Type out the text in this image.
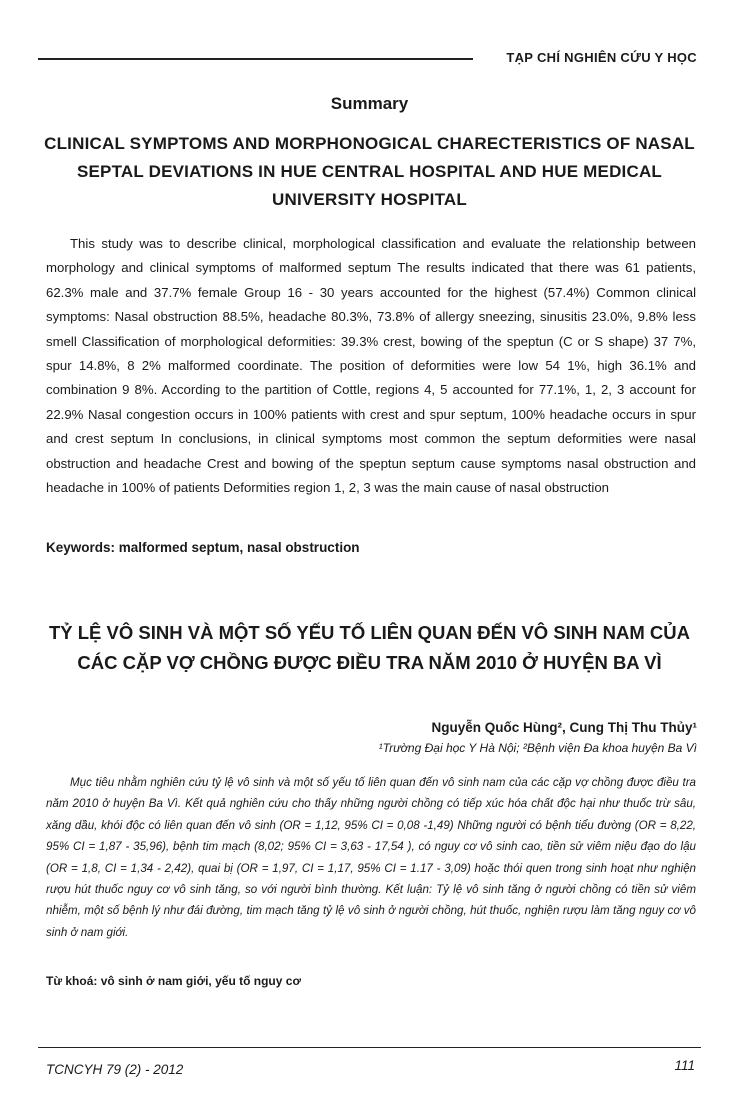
TẠP CHÍ NGHIÊN CỨU Y HỌC
Summary
CLINICAL SYMPTOMS AND MORPHONOGICAL CHARECTERISTICS OF NASAL SEPTAL DEVIATIONS IN HUE CENTRAL HOSPITAL AND HUE MEDICAL UNIVERSITY HOSPITAL
This study was to describe clinical, morphological classification and evaluate the relationship between morphology and clinical symptoms of malformed septum The results indicated that there was 61 patients, 62.3% male and 37.7% female Group 16 - 30 years accounted for the highest (57.4%) Common clinical symptoms: Nasal obstruction 88.5%, headache 80.3%, 73.8% of allergy sneezing, sinusitis 23.0%, 9.8% less smell Classification of morphological deformities: 39.3% crest, bowing of the speptun (C or S shape) 37 7%, spur 14.8%, 8 2% malformed coordinate. The position of deformities were low 54 1%, high 36.1% and combination 9 8%. According to the partition of Cottle, regions 4, 5 accounted for 77.1%, 1, 2, 3 account for 22.9% Nasal congestion occurs in 100% patients with crest and spur septum, 100% headache occurs in spur and crest septum In conclusions, in clinical symptoms most common the septum deformities were nasal obstruction and headache Crest and bowing of the speptun septum cause symptoms nasal obstruction and headache in 100% of patients Deformities region 1, 2, 3 was the main cause of nasal obstruction
Keywords: malformed septum, nasal obstruction
TỶ LỆ VÔ SINH VÀ MỘT SỐ YẾU TỐ LIÊN QUAN ĐẾN VÔ SINH NAM CỦA CÁC CẶP VỢ CHỒNG ĐƯỢC ĐIỀU TRA NĂM 2010 Ở HUYỆN BA VÌ
Nguyễn Quốc Hùng², Cung Thị Thu Thủy¹
¹Trường Đại học Y Hà Nội; ²Bệnh viện Đa khoa huyện Ba Vì
Mục tiêu nhằm nghiên cứu tỷ lệ vô sinh và một số yếu tố liên quan đến vô sinh nam của các cặp vợ chồng được điều tra năm 2010 ở huyện Ba Vì. Kết quả nghiên cứu cho thấy những người chồng có tiếp xúc hóa chất độc hại như thuốc trừ sâu, xăng dầu, khói độc có liên quan đến vô sinh (OR = 1,12, 95% CI = 0,08 -1,49) Những người có bệnh tiểu đường (OR = 8,22, 95% CI = 1,87 - 35,96), bệnh tim mạch (8,02; 95% CI = 3,63 - 17,54 ), có nguy cơ vô sinh cao, tiền sử viêm niệu đạo do lậu (OR = 1,8, CI = 1,34 - 2,42), quai bị (OR = 1,97, CI = 1,17, 95% CI = 1.17 - 3,09) hoặc thói quen trong sinh hoạt như nghiện rượu hút thuốc nguy cơ vô sinh tăng, so với người bình thường. Kết luận: Tỷ lệ vô sinh tăng ở người chồng có tiền sử viêm nhiễm, một số bệnh lý như đái đường, tim mạch tăng tỷ lệ vô sinh ở người chồng, hút thuốc, nghiện rượu làm tăng nguy cơ vô sinh ở nam giới.
Từ khoá: vô sinh ở nam giới, yếu tố nguy cơ
TCNCYH 79 (2) - 2012	111
